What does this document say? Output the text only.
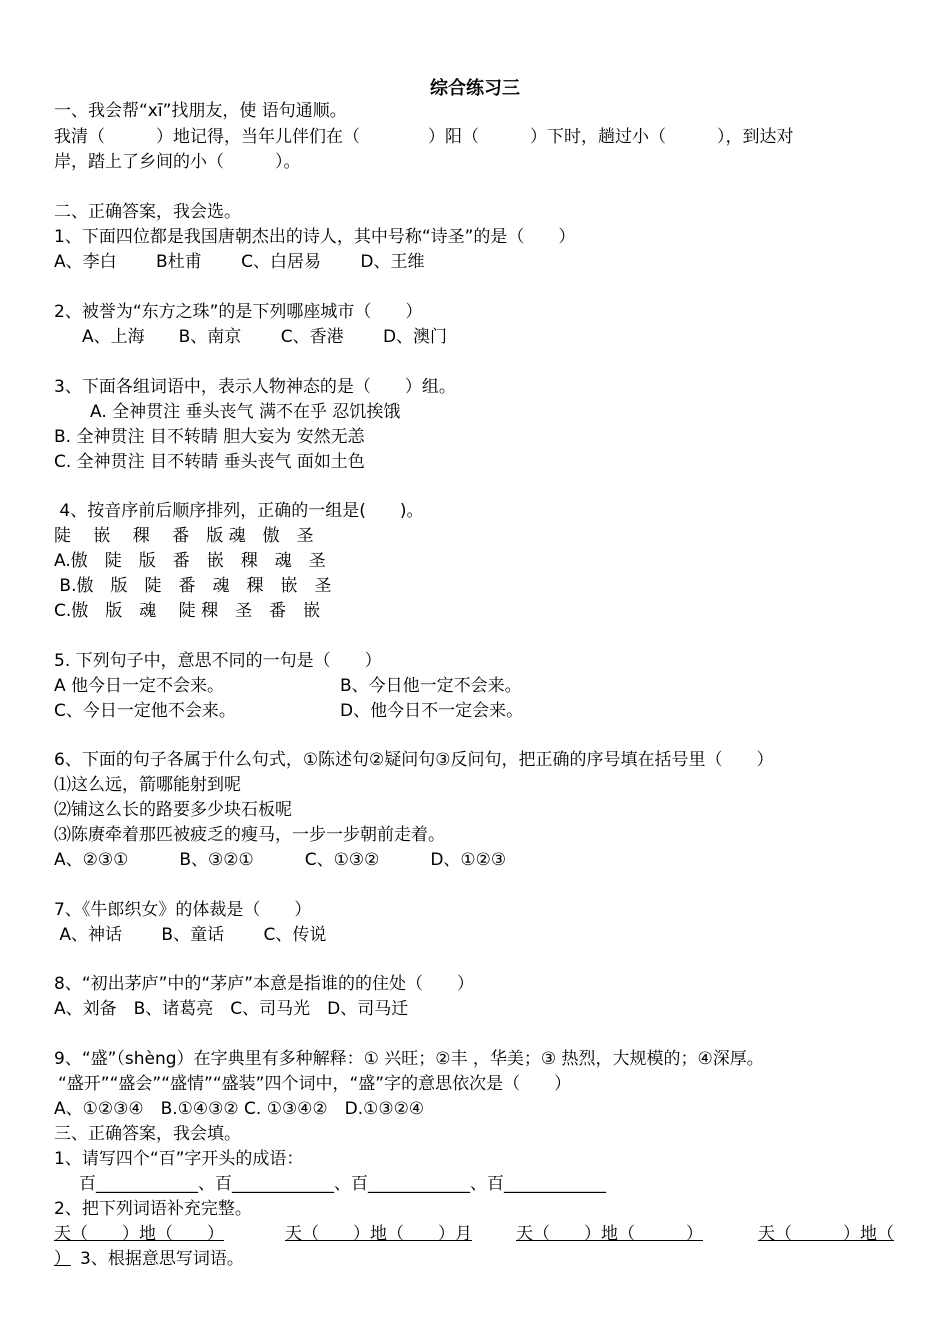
综合练习三
一、我会帮“xī”找朋友，使 语句通顺。
我清（　　　）地记得，当年儿伴们在（　　　　）阳（　　　）下时，趟过小（　　　），到达对
岸，踏上了乡间的小（　　　）。
二、正确答案，我会选。
1、下面四位都是我国唐朝杰出的诗人，其中号称“诗圣”的是（　　）
A、李白　　 B杜甫　　 C、白居易　　 D、王维
2、被誉为“东方之珠”的是下列哪座城市（　　）
A、上海　　B、南京　　 C、香港　　 D、澳门
3、下面各组词语中，表示人物神态的是（　　）组。
A. 全神贯注 垂头丧气 满不在乎 忍饥挨饿
B. 全神贯注 目不转睛 胆大妄为 安然无恙
C. 全神贯注 目不转睛 垂头丧气 面如土色
4、按音序前后顺序排列，正确的一组是(　　)。
陡　 嵌　 稞　 番　版 魂　傲　圣
A.傲　陡　版　番　嵌　稞　魂　圣
B.傲　版　陡　番　魂　稞　嵌　圣
C.傲　版　魂　 陡 稞　圣　番　嵌
5. 下列句子中，意思不同的一句是（　　）
A 他今日一定不会来。	B、今日他一定不会来。
C、今日一定他不会来。	D、他今日不一定会来。
6、下面的句子各属于什么句式，①陈述句②疑问句③反问句，把正确的序号填在括号里（　　）
⑴这么远，箭哪能射到呢
⑵铺这么长的路要多少块石板呢
⑶陈赓牵着那匹被疲乏的瘦马，一步一步朝前走着。
A、②③①　　　B、③②①　　　C、①③②　　　D、①②③
7、《牛郎织女》的体裁是（　　）
A、神话　　 B、童话　　 C、传说
8、“初出茅庐”中的“茅庐”本意是指谁的的住处（　　）
A、刘备　B、诸葛亮　C、司马光　D、司马迁
9、“盛”（shèng）在字典里有多种解释：① 兴旺；②丰 ，华美；③ 热烈，大规模的；④深厚。
“盛开”“盛会”“盛情”“盛装”四个词中，“盛”字的意思依次是（　　）
A、①②③④　B.①④③② C. ①③④②　D.①③②④
三、正确答案，我会填。
1、请写四个“百”字开头的成语：
　百____________、百____________、百____________、百____________
2、把下列词语补充完整。
天（　　）地（　　）	天（　　）地（　　）月	天（　　）地（　　　）	天（　　　）地（
） 3、根据意思写词语。
